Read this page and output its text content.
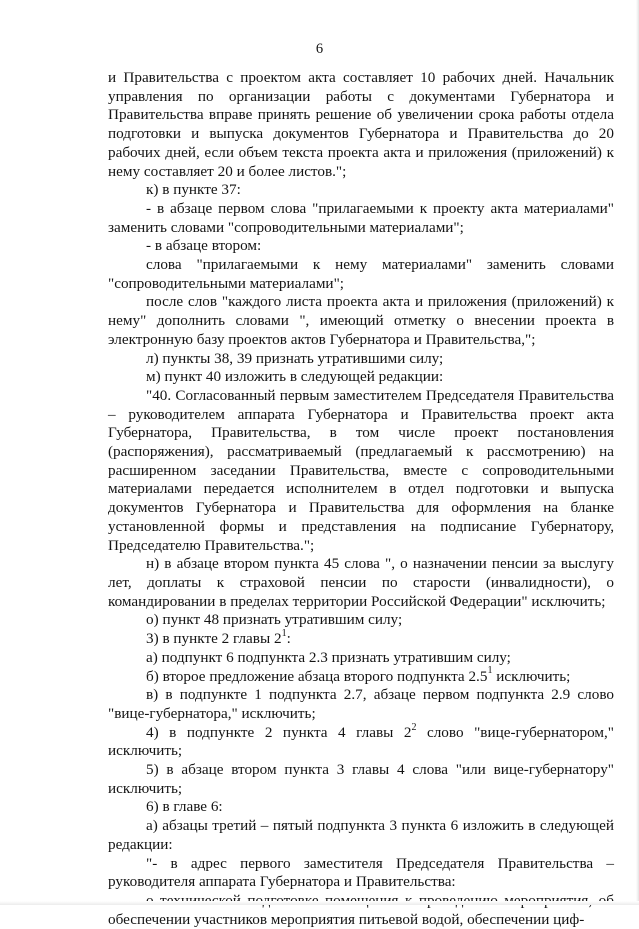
6

и Правительства с проектом акта составляет 10 рабочих дней. Начальник управления по организации работы с документами Губернатора и Правительства вправе принять решение об увеличении срока работы отдела подготовки и выпуска документов Губернатора и Правительства до 20 рабочих дней, если объем текста проекта акта и приложения (приложений) к нему составляет 20 и более листов.";

к) в пункте 37:

- в абзаце первом слова "прилагаемыми к проекту акта материалами" заменить словами "сопроводительными материалами";

- в абзаце втором:

слова "прилагаемыми к нему материалами" заменить словами "сопроводительными материалами";

после слов "каждого листа проекта акта и приложения (приложений) к нему" дополнить словами ", имеющий отметку о внесении проекта в электронную базу проектов актов Губернатора и Правительства,";

л) пункты 38, 39 признать утратившими силу;

м) пункт 40 изложить в следующей редакции:

"40. Согласованный первым заместителем Председателя Правительства – руководителем аппарата Губернатора и Правительства проект акта Губернатора, Правительства, в том числе проект постановления (распоряжения), рассматриваемый (предлагаемый к рассмотрению) на расширенном заседании Правительства, вместе с сопроводительными материалами передается исполнителем в отдел подготовки и выпуска документов Губернатора и Правительства для оформления на бланке установленной формы и представления на подписание Губернатору, Председателю Правительства.";

н) в абзаце втором пункта 45 слова ", о назначении пенсии за выслугу лет, доплаты к страховой пенсии по старости (инвалидности), о командировании в пределах территории Российской Федерации" исключить;

о) пункт 48 признать утратившим силу;

3) в пункте 2 главы $2^1$:

а) подпункт 6 подпункта 2.3 признать утратившим силу;

б) второе предложение абзаца второго подпункта $2.5^1$ исключить;

в) в подпункте 1 подпункта 2.7, абзаце первом подпункта 2.9 слово "вице-губернатора," исключить;

4) в подпункте 2 пункта 4 главы $2^2$ слово "вице-губернатором," исключить;

5) в абзаце втором пункта 3 главы 4 слова "или вице-губернатору" исключить;

6) в главе 6:

а) абзацы третий – пятый подпункта 3 пункта 6 изложить в следующей редакции:

"- в адрес первого заместителя Председателя Правительства – руководителя аппарата Губернатора и Правительства:

обеспечении участников мероприятия питьевой водой, обеспечении циф-
